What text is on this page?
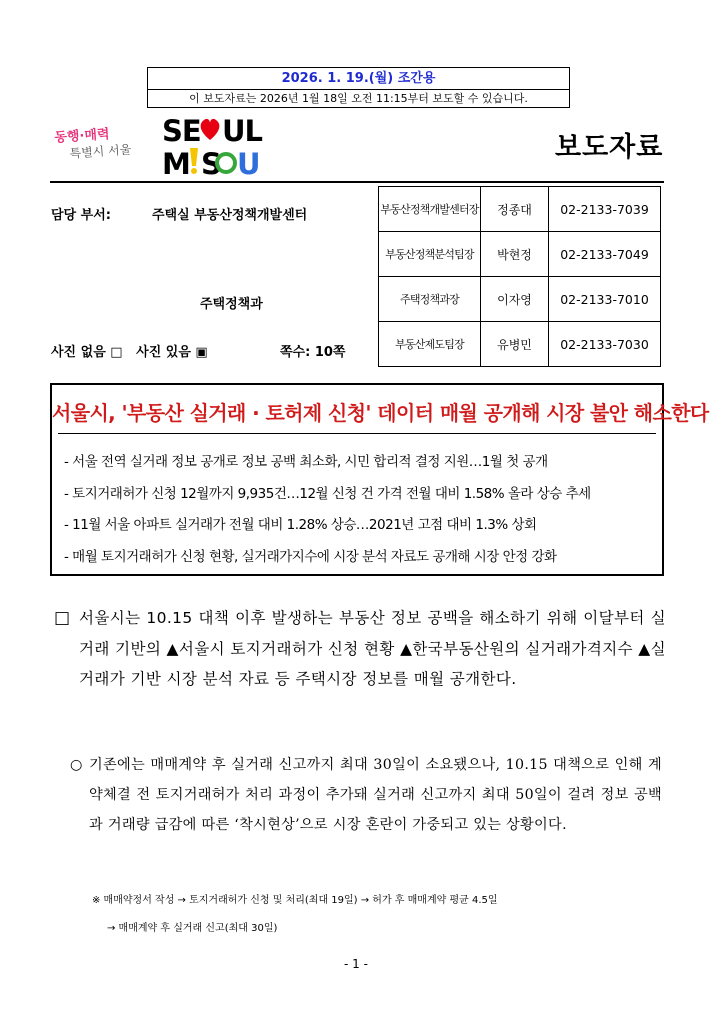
2026. 1. 19.(월) 조간용
이 보도자료는 2026년 1월 18일 오전 11:15부터 보도할 수 있습니다.
동행·매력
특별시 서울
SE UL
M S U	보도자료
담당 부서:	주택실 부동산정책개발센터
주택정책과
사진 없음 □   사진 있음 ▣	쪽수: 10쪽
부동산정책개발센터장	정종대	02-2133-7039
부동산정책분석팀장	박현정	02-2133-7049
주택정책과장	이자영	02-2133-7010
부동산제도팀장	유병민	02-2133-7030
서울시, '부동산 실거래 · 토허제 신청' 데이터 매월 공개해 시장 불안 해소한다
- 서울 전역 실거래 정보 공개로 정보 공백 최소화, 시민 합리적 결정 지원…1월 첫 공개
- 토지거래허가 신청 12월까지 9,935건…12월 신청 건 가격 전월 대비 1.58% 올라 상승 추세
- 11월 서울 아파트 실거래가 전월 대비 1.28% 상승…2021년 고점 대비 1.3% 상회
- 매월 토지거래허가 신청 현황, 실거래가지수에 시장 분석 자료도 공개해 시장 안정 강화
□ 서울시는 10.15 대책 이후 발생하는 부동산 정보 공백을 해소하기 위해 이달부터 실거래 기반의 ▲서울시 토지거래허가 신청 현황 ▲한국부동산원의 실거래가격지수 ▲실거래가 기반 시장 분석 자료 등 주택시장 정보를 매월 공개한다.
○ 기존에는 매매계약 후 실거래 신고까지 최대 30일이 소요됐으나, 10.15 대책으로 인해 계약체결 전 토지거래허가 처리 과정이 추가돼 실거래 신고까지 최대 50일이 걸려 정보 공백과 거래량 급감에 따른 ‘착시현상’으로 시장 혼란이 가중되고 있는 상황이다.
※ 매매약정서 작성 → 토지거래허가 신청 및 처리(최대 19일) → 허가 후 매매계약 평균 4.5일
→ 매매계약 후 실거래 신고(최대 30일)
- 1 -
